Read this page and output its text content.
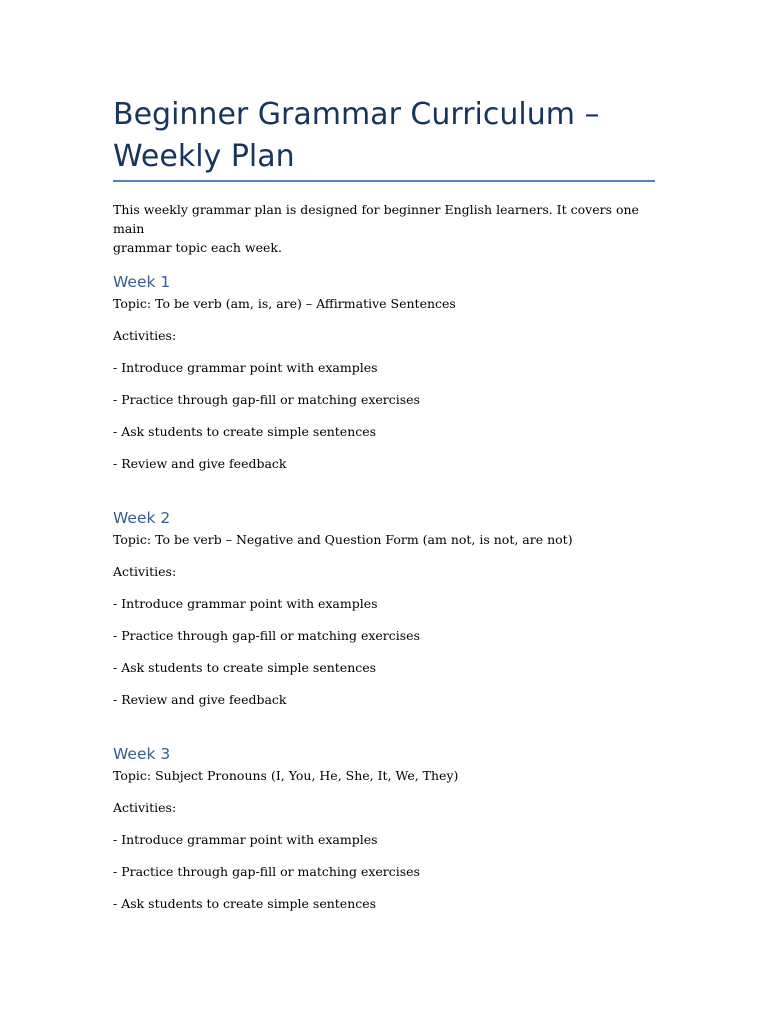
Beginner Grammar Curriculum –
Weekly Plan

This weekly grammar plan is designed for beginner English learners. It covers one main
grammar topic each week.

Week 1

Topic: To be verb (am, is, are) – Affirmative Sentences

Activities:

- Introduce grammar point with examples

- Practice through gap-fill or matching exercises

- Ask students to create simple sentences

- Review and give feedback

Week 2

Topic: To be verb – Negative and Question Form (am not, is not, are not)

Activities:

- Introduce grammar point with examples

- Practice through gap-fill or matching exercises

- Ask students to create simple sentences

- Review and give feedback

Week 3

Topic: Subject Pronouns (I, You, He, She, It, We, They)

Activities:

- Introduce grammar point with examples

- Practice through gap-fill or matching exercises

- Ask students to create simple sentences
